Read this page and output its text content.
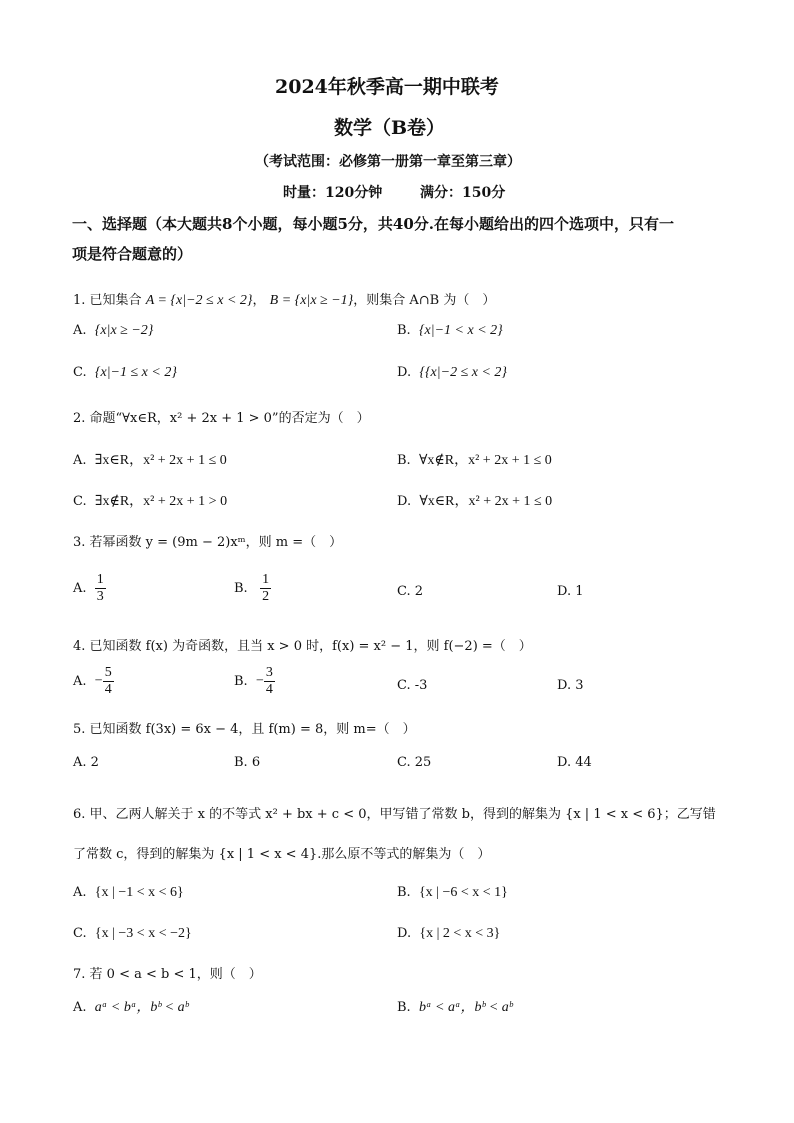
2024年秋季高一期中联考
数学（B卷）
（考试范围：必修第一册第一章至第三章）
时量：120分钟	满分：150分
一、选择题（本大题共8个小题，每小题5分，共40分.在每小题给出的四个选项中，只有一
项是符合题意的）
1. 已知集合 A = {x|−2 ≤ x < 2}， B = {x|x ≥ −1}，则集合 A∩B 为（　）
A. {x|x ≥ −2}	B. {x|−1 < x < 2}
C. {x|−1 ≤ x < 2}	D. {{x|−2 ≤ x < 2}
2. 命题“∀x∈R，x² + 2x + 1 > 0”的否定为（　）
A. ∃x∈R，x² + 2x + 1 ≤ 0	B. ∀x∉R，x² + 2x + 1 ≤ 0
C. ∃x∉R，x² + 2x + 1 > 0	D. ∀x∈R，x² + 2x + 1 ≤ 0
3. 若幂函数 y = (9m − 2)xᵐ，则 m =（　）
A. $\frac{1}{3}$	B. $\frac{1}{2}$	C. 2	D. 1
4. 已知函数 f(x) 为奇函数，且当 x > 0 时，f(x) = x² − 1，则 f(−2) =（　）
A. − $\frac{5}{4}$	B. − $\frac{3}{4}$	C. -3	D. 3
5. 已知函数 f(3x) = 6x − 4，且 f(m) = 8，则 m=（　）
A. 2	B. 6	C. 25	D. 44
6. 甲、乙两人解关于 x 的不等式 x² + bx + c < 0，甲写错了常数 b，得到的解集为 {x | 1 < x < 6}；乙写错
了常数 c，得到的解集为 {x | 1 < x < 4}.那么原不等式的解集为（　）
A. {x | −1 < x < 6}	B. {x | −6 < x < 1}
C. {x | −3 < x < −2}	D. {x | 2 < x < 3}
7. 若 0 < a < b < 1，则（　）
A. aᵃ < bᵃ，bᵇ < aᵇ	B. bᵃ < aᵃ，bᵇ < aᵇ
